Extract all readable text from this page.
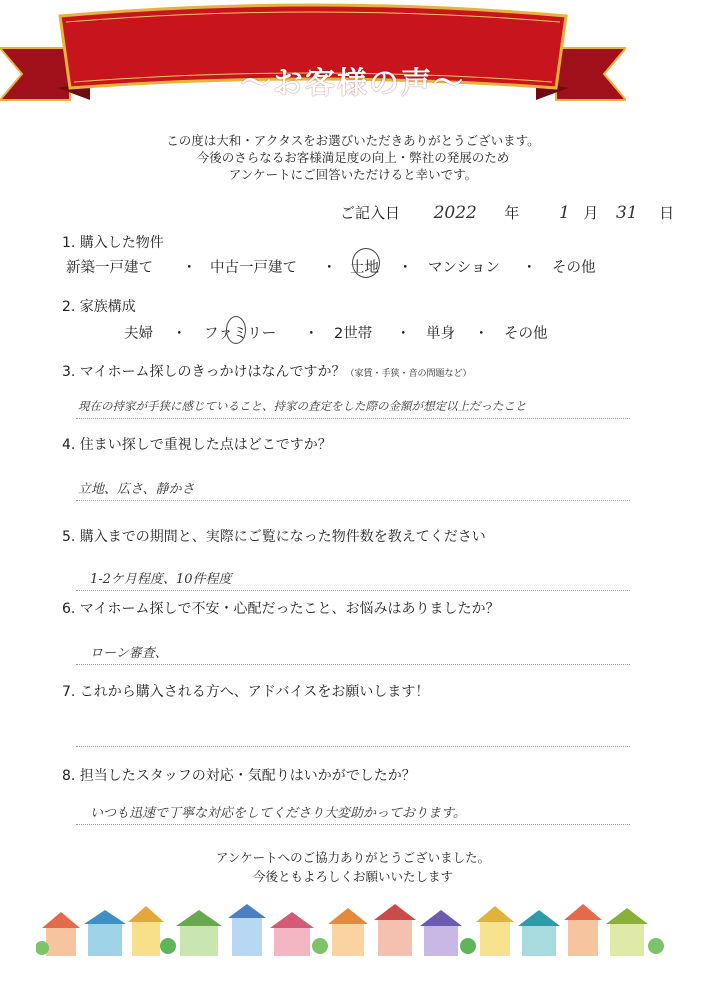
〜お客様の声〜
この度は大和・アクタスをお選びいただきありがとうございます。
今後のさらなるお客様満足度の向上・弊社の発展のため
アンケートにご回答いただけると幸いです。
ご記入日 2022 年 1 月 31 日
1. 購入した物件
新築一戸建て ・ 中古一戸建て ・ 土地 ・ マンション ・ その他
2. 家族構成
夫婦 ・ ファミリー ・ 2世帯 ・ 単身 ・ その他
3. マイホーム探しのきっかけはなんですか？（家賃・手狭・音の問題など）
現在の持家が手狭に感じていること、持家の査定をした際の金額が想定以上だったこと
4. 住まい探しで重視した点はどこですか？
立地、広さ、静かさ
5. 購入までの期間と、実際にご覧になった物件数を教えてください
1-2ケ月程度、10件程度
6. マイホーム探しで不安・心配だったこと、お悩みはありましたか？
ローン審査、
7. これから購入される方へ、アドバイスをお願いします！
8. 担当したスタッフの対応・気配りはいかがでしたか？
いつも迅速で丁寧な対応をしてくださり大変助かっております。
アンケートへのご協力ありがとうございました。
今後ともよろしくお願いいたします
